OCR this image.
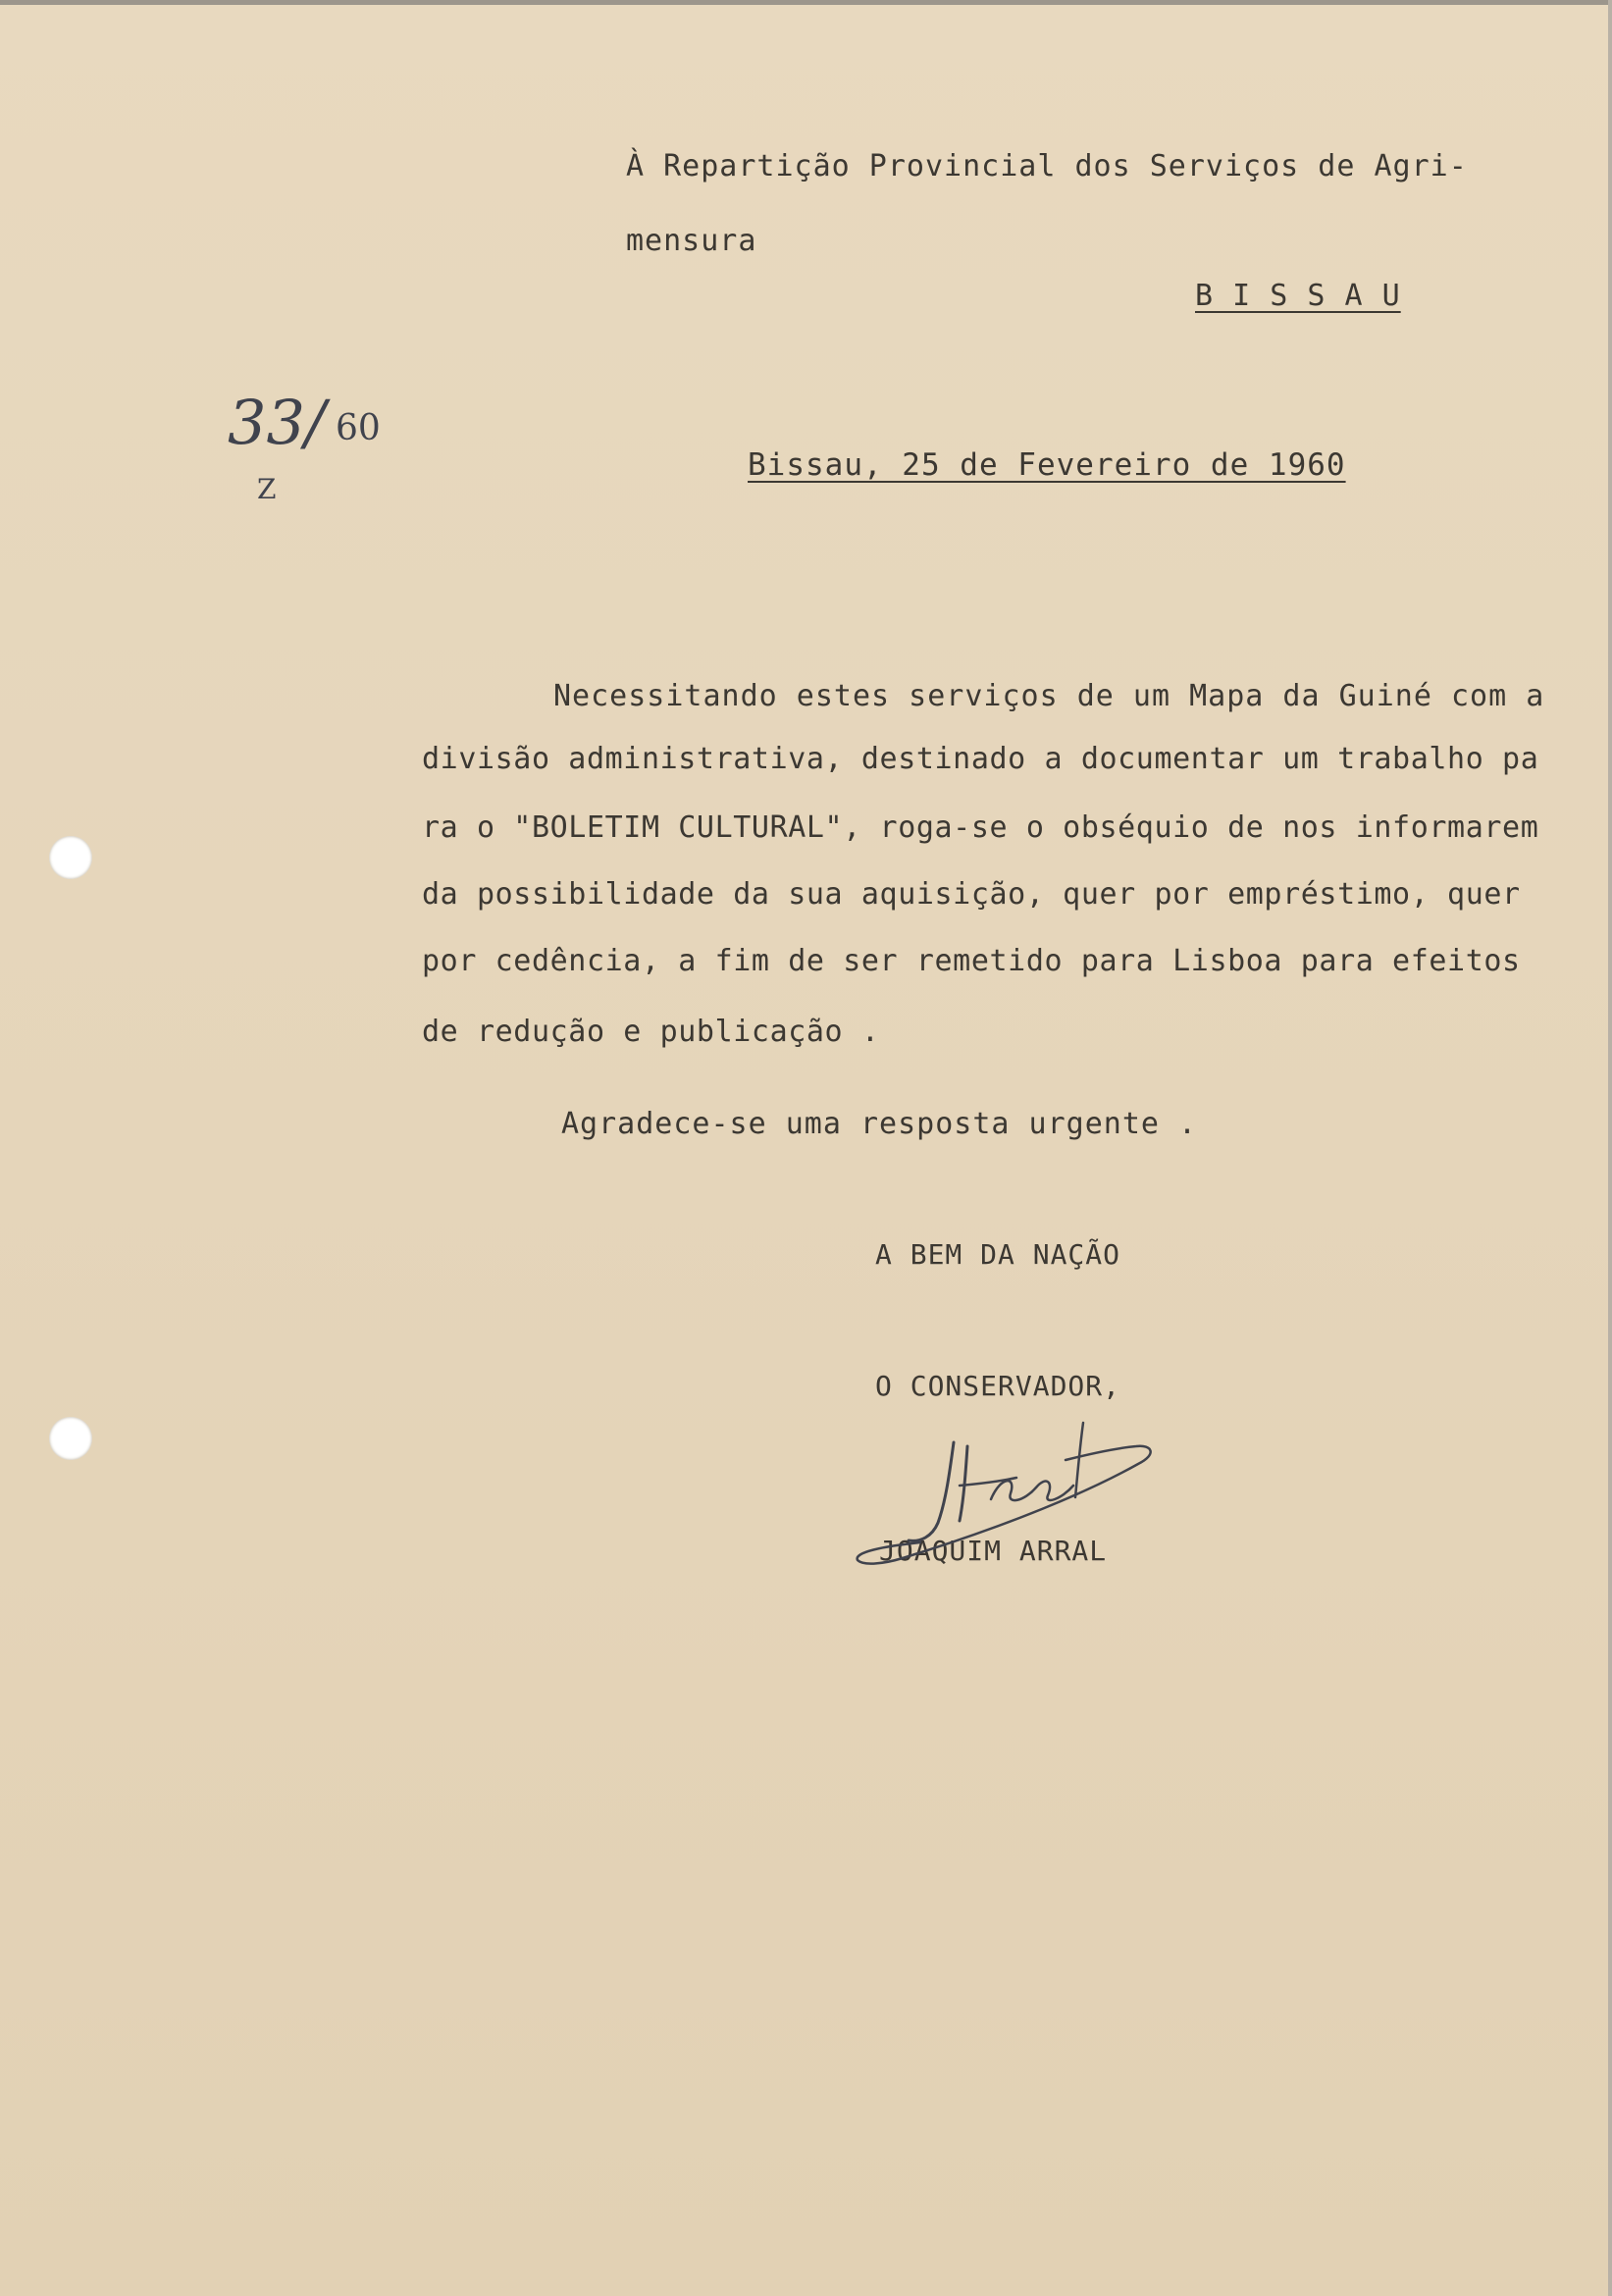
À Repartição Provincial dos Serviços de Agri-
mensura
B I S S A U
33/ 60
Z
Bissau, 25 de Fevereiro de 1960
Necessitando estes serviços de um Mapa da Guiné com a
divisão administrativa, destinado a documentar um trabalho pa
ra o "BOLETIM CULTURAL", roga-se o obséquio de nos informarem
da possibilidade da sua aquisição, quer por empréstimo, quer
por cedência, a fim de ser remetido para Lisboa para efeitos
de redução e publicação .
Agradece-se uma resposta urgente .
A BEM DA NAÇÃO
O CONSERVADOR,
JOAQUIM ARRAL
